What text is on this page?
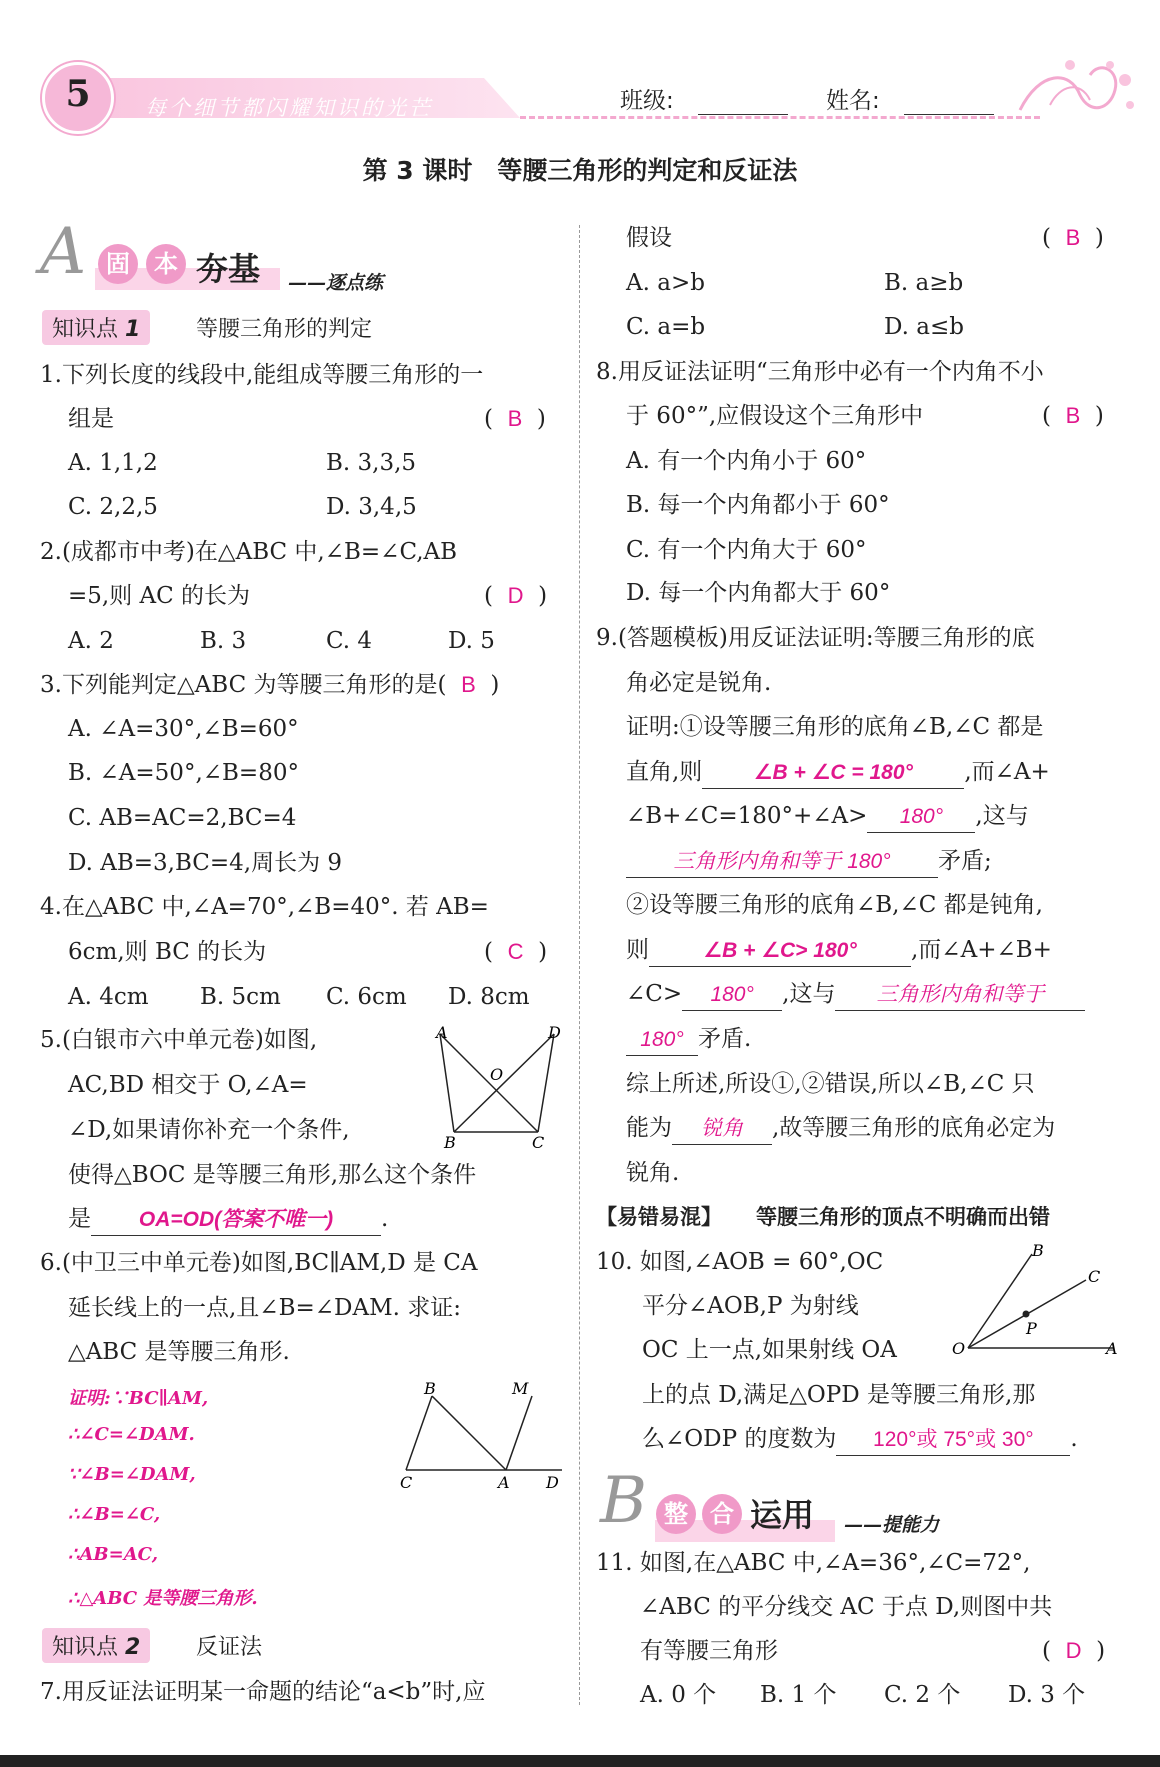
5	每个细节都闪耀知识的光芒	班级:	姓名:
第 3 课时　等腰三角形的判定和反证法
A 固	本 夯基 ——逐点练
知识点 1	等腰三角形的判定
1.下列长度的线段中,能组成等腰三角形的一
组是	(  B  )
A. 1,1,2	B. 3,3,5
C. 2,2,5	D. 3,4,5
2.(成都市中考)在△ABC 中,∠B=∠C,AB
=5,则 AC 的长为	(  D  )
A. 2	B. 3	C. 4	D. 5
3.下列能判定△ABC 为等腰三角形的是( B  )
A. ∠A=30°,∠B=60°
B. ∠A=50°,∠B=80°
C. AB=AC=2,BC=4
D. AB=3,BC=4,周长为 9
4.在△ABC 中,∠A=70°,∠B=40°. 若 AB=
6cm,则 BC 的长为	(  C  )
A. 4cm B. 5cm C. 6cm D. 8cm
5.(白银市六中单元卷)如图,
AC,BD 相交于 O,∠A=
∠D,如果请你补充一个条件,
使得△BOC 是等腰三角形,那么这个条件
是 OA=OD(答案不唯一) .
A	D
O
B	C
6.(中卫三中单元卷)如图,BC∥AM,D 是 CA
延长线上的一点,且∠B=∠DAM. 求证:
△ABC 是等腰三角形.
证明:∵BC∥AM,
∴∠C=∠DAM.
∵∠B=∠DAM,
∴∠B=∠C,
∴AB=AC,
∴△ABC 是等腰三角形.
B	M
C	A D
知识点 2	反证法
7.用反证法证明某一命题的结论“a<b”时,应
假设	(  B  )
A. a>b	B. a≥b
C. a=b	D. a≤b
8.用反证法证明“三角形中必有一个内角不小
于 60°”,应假设这个三角形中	(  B  )
A. 有一个内角小于 60°
B. 每一个内角都小于 60°
C. 有一个内角大于 60°
D. 每一个内角都大于 60°
9.(答题模板)用反证法证明:等腰三角形的底
角必定是锐角.
证明:①设等腰三角形的底角∠B,∠C 都是
直角,则 ∠B + ∠C = 180° ,而∠A+
∠B+∠C=180°+∠A> 180° ,这与
三角形内角和等于 180° 矛盾;
②设等腰三角形的底角∠B,∠C 都是钝角,
则	∠B + ∠C> 180° ,而∠A+∠B+
∠C> 180° ,这与 三角形内角和等于
180° 矛盾.
综上所述,所设①,②错误,所以∠B,∠C 只
能为 锐角 ,故等腰三角形的底角必定为
锐角.
【易错易混】 等腰三角形的顶点不明确而出错
10. 如图,∠AOB = 60°,OC
平分∠AOB,P 为射线
OC 上一点,如果射线 OA
上的点 D,满足△OPD 是等腰三角形,那
么∠ODP 的度数为 120°或 75°或 30° .
B
C
P
O	A
B 整 合 运用 ——提能力
11. 如图,在△ABC 中,∠A=36°,∠C=72°,
∠ABC 的平分线交 AC 于点 D,则图中共
有等腰三角形	(  D  )
A. 0 个 B. 1 个 C. 2 个 D. 3 个
